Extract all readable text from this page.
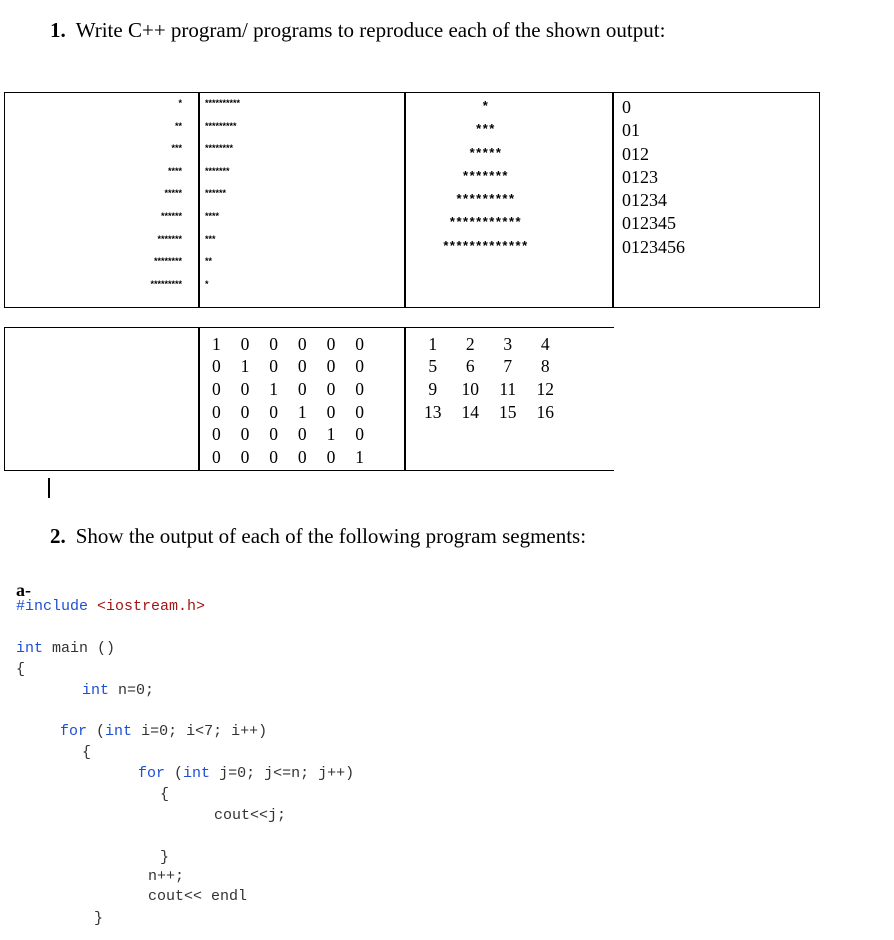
1. Write C++ program/ programs to reproduce each of the shown output:
*
**
***
****
*****
******
*******
********
*********
**********
*********
********
*******
******
****
***
**
*
*
***
*****
*******
*********
***********
*************
0
01
012
0123
01234
012345
0123456
1	0	0	0	0	0
0	1	0	0	0	0
0	0	1	0	0	0
0	0	0	1	0	0
0	0	0	0	1	0
0	0	0	0	0	1
1	2	3	4
5	6	7	8
9	10	11	12
13	14	15	16
2. Show the output of each of the following program segments:
a-
#include <iostream.h>
int main ()
{
int n=0;
for (int i=0; i<7; i++)
{
for (int j=0; j<=n; j++)
{
cout<<j;
}
n++;
cout<< endl
}
